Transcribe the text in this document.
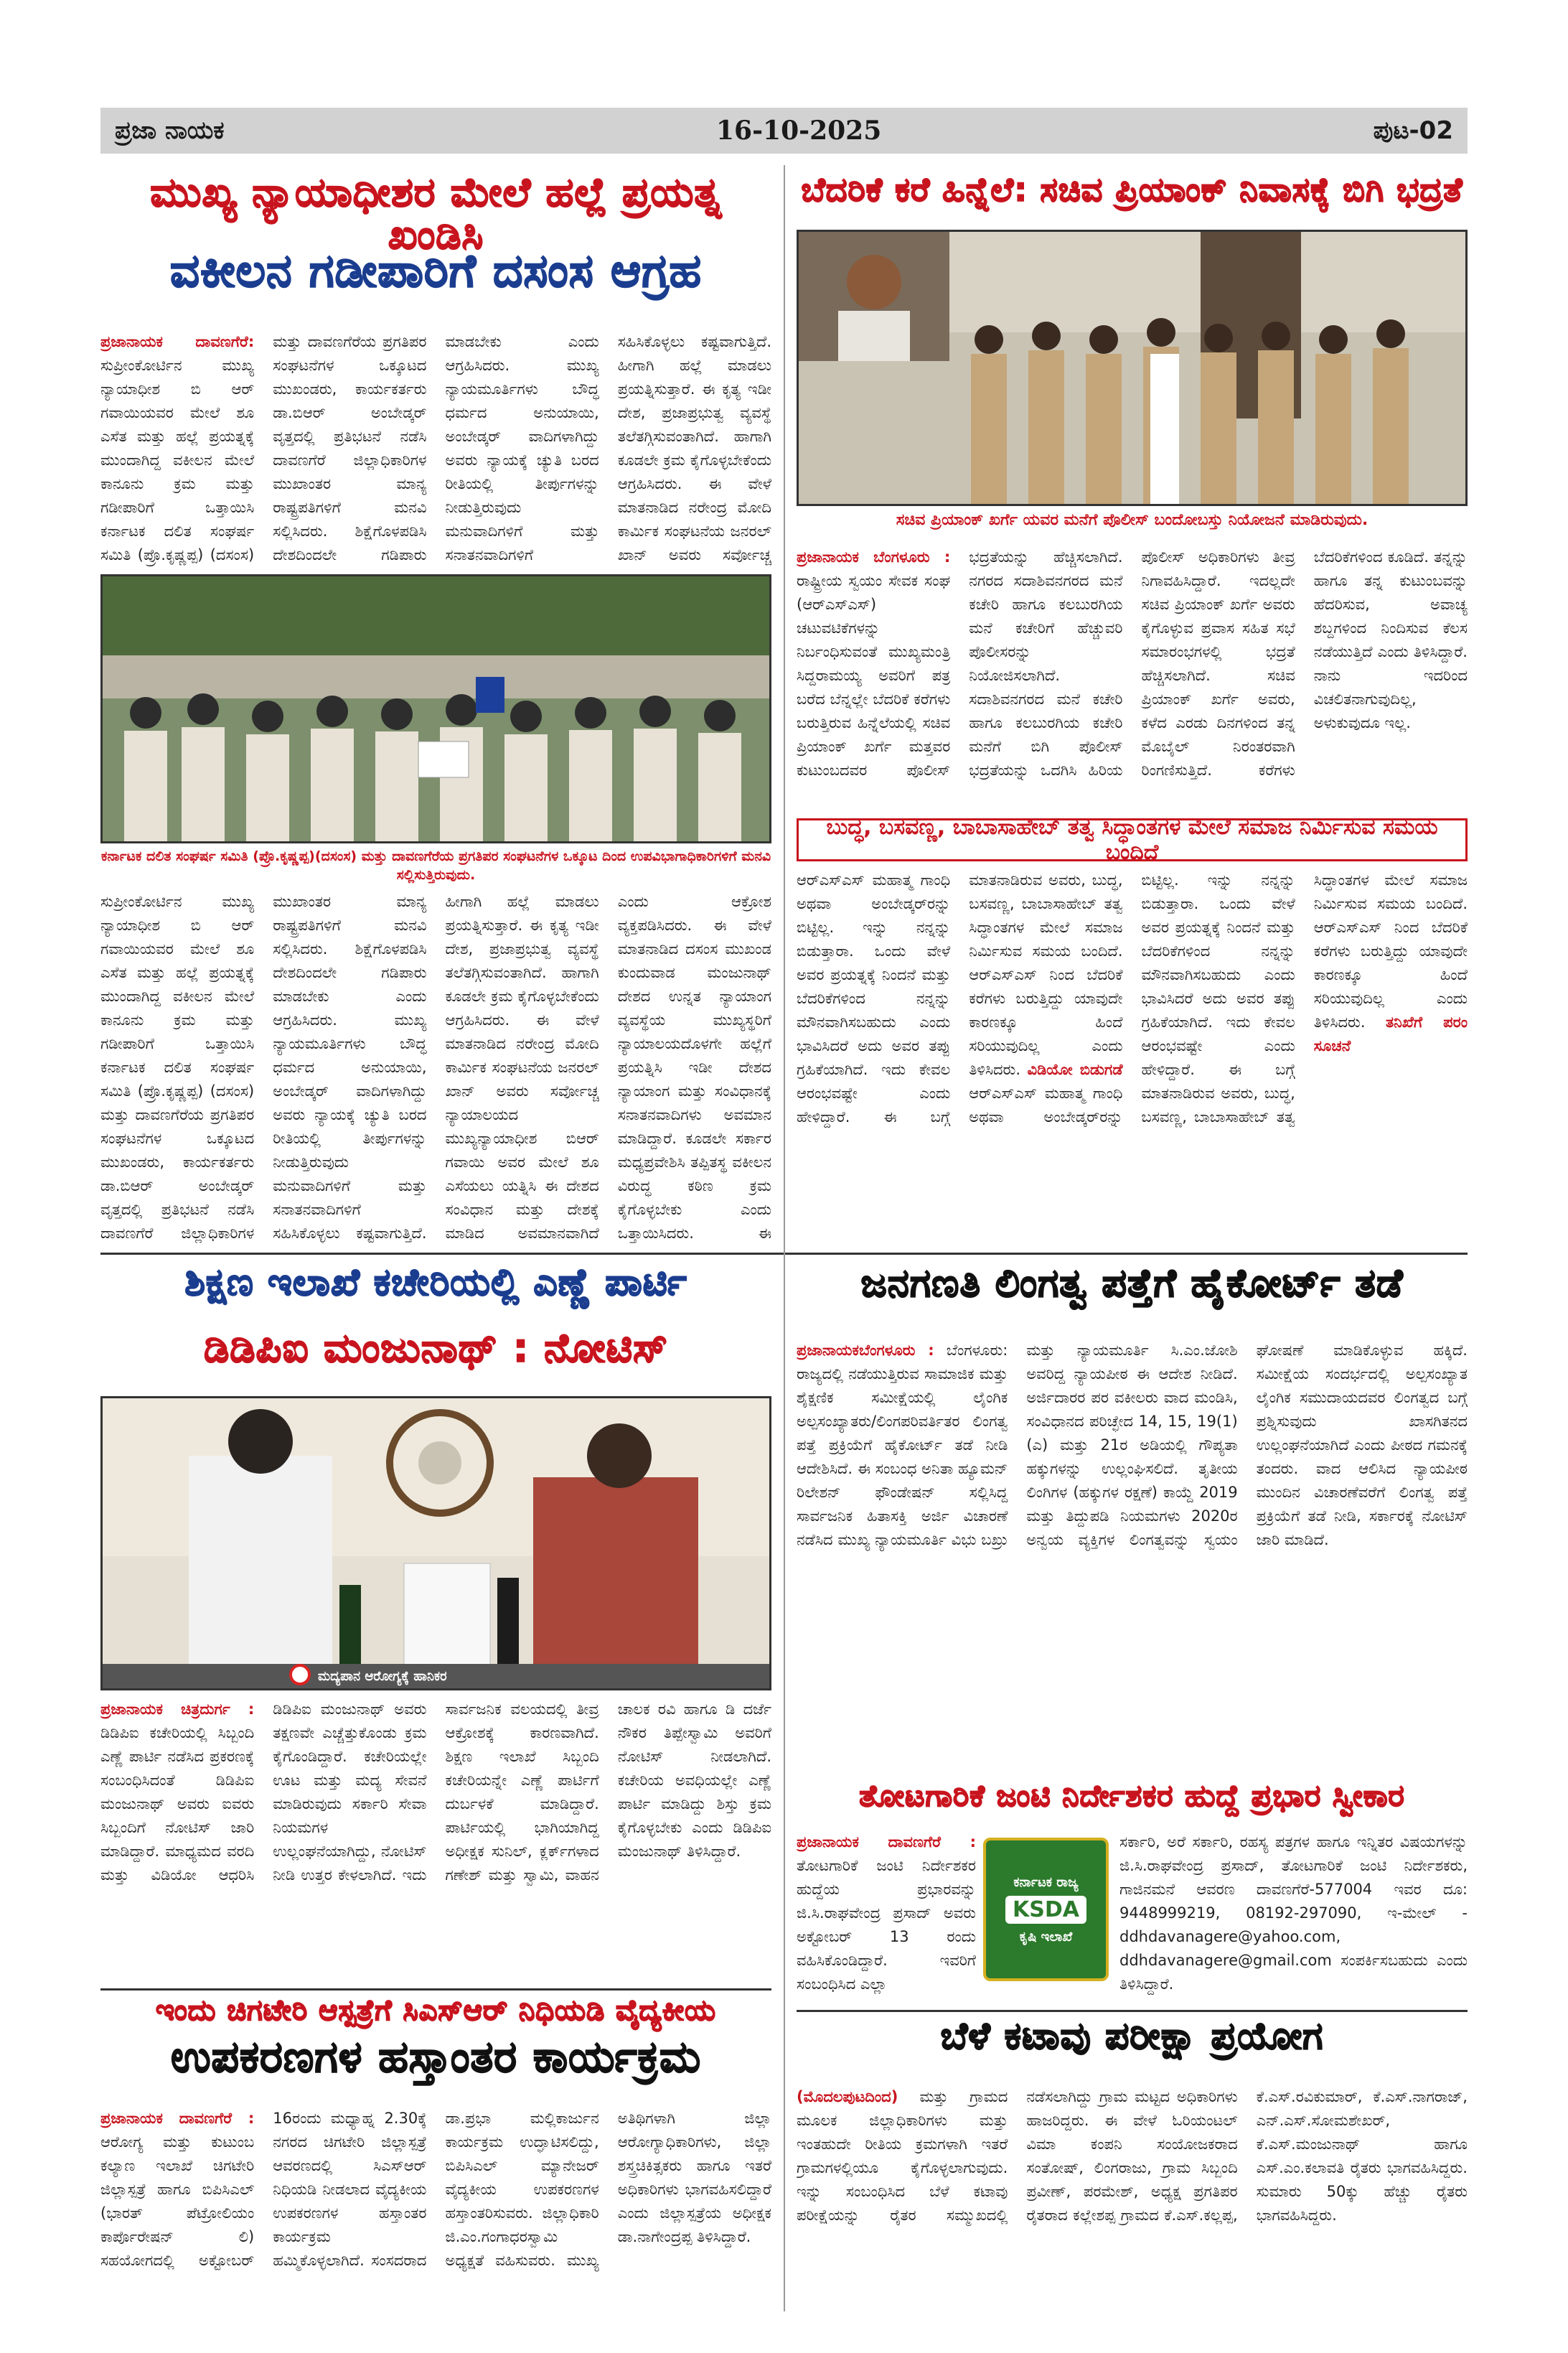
ಪ್ರಜಾ ನಾಯಕ	16-10-2025	ಪುಟ-02
ಮುಖ್ಯ ನ್ಯಾಯಾಧೀಶರ ಮೇಲೆ ಹಲ್ಲೆ ಪ್ರಯತ್ನ ಖಂಡಿಸಿ
ವಕೀಲನ ಗಡೀಪಾರಿಗೆ ದಸಂಸ ಆಗ್ರಹ
ಪ್ರಜಾನಾಯಕ ದಾವಣಗೆರೆ: ಸುಪ್ರೀಂಕೋರ್ಟಿನ ಮುಖ್ಯ ನ್ಯಾಯಾಧೀಶ ಬಿ ಆರ್ ಗವಾಯಿಯವರ ಮೇಲೆ ಶೂ ಎಸೆತ ಮತ್ತು ಹಲ್ಲೆ ಪ್ರಯತ್ನಕ್ಕೆ ಮುಂದಾಗಿದ್ದ ವಕೀಲನ ಮೇಲೆ ಕಾನೂನು ಕ್ರಮ ಮತ್ತು ಗಡೀಪಾರಿಗೆ ಒತ್ತಾಯಿಸಿ ಕರ್ನಾಟಕ ದಲಿತ ಸಂಘರ್ಷ ಸಮಿತಿ (ಪ್ರೊ.ಕೃಷ್ಣಪ್ಪ) (ದಸಂಸ) ಮತ್ತು ದಾವಣಗೆರೆಯ ಪ್ರಗತಿಪರ ಸಂಘಟನೆಗಳ ಒಕ್ಕೂಟದ ಮುಖಂಡರು, ಕಾರ್ಯಕರ್ತರು ಡಾ.ಬಿಆರ್ ಅಂಬೇಡ್ಕರ್ ವೃತ್ತದಲ್ಲಿ ಪ್ರತಿಭಟನೆ ನಡೆಸಿ ದಾವಣಗೆರೆ ಜಿಲ್ಲಾಧಿಕಾರಿಗಳ ಮುಖಾಂತರ ಮಾನ್ಯ ರಾಷ್ಟ್ರಪತಿಗಳಿಗೆ ಮನವಿ ಸಲ್ಲಿಸಿದರು. ಶಿಕ್ಷೆಗೊಳಪಡಿಸಿ ದೇಶದಿಂದಲೇ ಗಡಿಪಾರು ಮಾಡಬೇಕು ಎಂದು ಆಗ್ರಹಿಸಿದರು. ಮುಖ್ಯ ನ್ಯಾಯಮೂರ್ತಿಗಳು ಬೌದ್ಧ ಧರ್ಮದ ಅನುಯಾಯಿ, ಅಂಬೇಡ್ಕರ್ ವಾದಿಗಳಾಗಿದ್ದು ಅವರು ನ್ಯಾಯಕ್ಕೆ ಚ್ಯುತಿ ಬರದ ರೀತಿಯಲ್ಲಿ ತೀರ್ಪುಗಳನ್ನು ನೀಡುತ್ತಿರುವುದು ಮನುವಾದಿಗಳಿಗೆ ಮತ್ತು ಸನಾತನವಾದಿಗಳಿಗೆ ಸಹಿಸಿಕೊಳ್ಳಲು ಕಷ್ಟವಾಗುತ್ತಿದೆ. ಹೀಗಾಗಿ ಹಲ್ಲೆ ಮಾಡಲು ಪ್ರಯತ್ನಿಸುತ್ತಾರೆ. ಈ ಕೃತ್ಯ ಇಡೀ ದೇಶ, ಪ್ರಜಾಪ್ರಭುತ್ವ ವ್ಯವಸ್ಥೆ ತಲೆತಗ್ಗಿಸುವಂತಾಗಿದೆ. ಹಾಗಾಗಿ ಕೂಡಲೇ ಕ್ರಮ ಕೈಗೊಳ್ಳಬೇಕೆಂದು ಆಗ್ರಹಿಸಿದರು. ಈ ವೇಳೆ ಮಾತನಾಡಿದ ನರೇಂದ್ರ ಮೋದಿ ಕಾರ್ಮಿಕ ಸಂಘಟನೆಯ ಜನರಲ್ ಖಾನ್ ಅವರು ಸರ್ವೋಚ್ಚ
ಕರ್ನಾಟಕ ದಲಿತ ಸಂಘರ್ಷ ಸಮಿತಿ (ಪ್ರೊ.ಕೃಷ್ಣಪ್ಪ)(ದಸಂಸ) ಮತ್ತು ದಾವಣಗೆರೆಯ ಪ್ರಗತಿಪರ ಸಂಘಟನೆಗಳ ಒಕ್ಕೂಟ ದಿಂದ ಉಪವಿಭಾಗಾಧಿಕಾರಿಗಳಿಗೆ ಮನವಿ ಸಲ್ಲಿಸುತ್ತಿರುವುದು.
ಸುಪ್ರೀಂಕೋರ್ಟಿನ ಮುಖ್ಯ ನ್ಯಾಯಾಧೀಶ ಬಿ ಆರ್ ಗವಾಯಿಯವರ ಮೇಲೆ ಶೂ ಎಸೆತ ಮತ್ತು ಹಲ್ಲೆ ಪ್ರಯತ್ನಕ್ಕೆ ಮುಂದಾಗಿದ್ದ ವಕೀಲನ ಮೇಲೆ ಕಾನೂನು ಕ್ರಮ ಮತ್ತು ಗಡೀಪಾರಿಗೆ ಒತ್ತಾಯಿಸಿ ಕರ್ನಾಟಕ ದಲಿತ ಸಂಘರ್ಷ ಸಮಿತಿ (ಪ್ರೊ.ಕೃಷ್ಣಪ್ಪ) (ದಸಂಸ) ಮತ್ತು ದಾವಣಗೆರೆಯ ಪ್ರಗತಿಪರ ಸಂಘಟನೆಗಳ ಒಕ್ಕೂಟದ ಮುಖಂಡರು, ಕಾರ್ಯಕರ್ತರು ಡಾ.ಬಿಆರ್ ಅಂಬೇಡ್ಕರ್ ವೃತ್ತದಲ್ಲಿ ಪ್ರತಿಭಟನೆ ನಡೆಸಿ ದಾವಣಗೆರೆ ಜಿಲ್ಲಾಧಿಕಾರಿಗಳ ಮುಖಾಂತರ ಮಾನ್ಯ ರಾಷ್ಟ್ರಪತಿಗಳಿಗೆ ಮನವಿ ಸಲ್ಲಿಸಿದರು. ಶಿಕ್ಷೆಗೊಳಪಡಿಸಿ ದೇಶದಿಂದಲೇ ಗಡಿಪಾರು ಮಾಡಬೇಕು ಎಂದು ಆಗ್ರಹಿಸಿದರು. ಮುಖ್ಯ ನ್ಯಾಯಮೂರ್ತಿಗಳು ಬೌದ್ಧ ಧರ್ಮದ ಅನುಯಾಯಿ, ಅಂಬೇಡ್ಕರ್ ವಾದಿಗಳಾಗಿದ್ದು ಅವರು ನ್ಯಾಯಕ್ಕೆ ಚ್ಯುತಿ ಬರದ ರೀತಿಯಲ್ಲಿ ತೀರ್ಪುಗಳನ್ನು ನೀಡುತ್ತಿರುವುದು ಮನುವಾದಿಗಳಿಗೆ ಮತ್ತು ಸನಾತನವಾದಿಗಳಿಗೆ ಸಹಿಸಿಕೊಳ್ಳಲು ಕಷ್ಟವಾಗುತ್ತಿದೆ. ಹೀಗಾಗಿ ಹಲ್ಲೆ ಮಾಡಲು ಪ್ರಯತ್ನಿಸುತ್ತಾರೆ. ಈ ಕೃತ್ಯ ಇಡೀ ದೇಶ, ಪ್ರಜಾಪ್ರಭುತ್ವ ವ್ಯವಸ್ಥೆ ತಲೆತಗ್ಗಿಸುವಂತಾಗಿದೆ. ಹಾಗಾಗಿ ಕೂಡಲೇ ಕ್ರಮ ಕೈಗೊಳ್ಳಬೇಕೆಂದು ಆಗ್ರಹಿಸಿದರು. ಈ ವೇಳೆ ಮಾತನಾಡಿದ ನರೇಂದ್ರ ಮೋದಿ ಕಾರ್ಮಿಕ ಸಂಘಟನೆಯ ಜನರಲ್ ಖಾನ್ ಅವರು ಸರ್ವೋಚ್ಚ ನ್ಯಾಯಾಲಯದ ಮುಖ್ಯನ್ಯಾಯಾಧೀಶ ಬಿಆರ್ ಗವಾಯಿ ಅವರ ಮೇಲೆ ಶೂ ಎಸೆಯಲು ಯತ್ನಿಸಿ ಈ ದೇಶದ ಸಂವಿಧಾನ ಮತ್ತು ದೇಶಕ್ಕೆ ಮಾಡಿದ ಅವಮಾನವಾಗಿದೆ ಎಂದು ಆಕ್ರೋಶ ವ್ಯಕ್ತಪಡಿಸಿದರು. ಈ ವೇಳೆ ಮಾತನಾಡಿದ ದಸಂಸ ಮುಖಂಡ ಕುಂದುವಾಡ ಮಂಜುನಾಥ್ ದೇಶದ ಉನ್ನತ ನ್ಯಾಯಾಂಗ ವ್ಯವಸ್ಥೆಯ ಮುಖ್ಯಸ್ಥರಿಗೆ ನ್ಯಾಯಾಲಯದೊಳಗೇ ಹಲ್ಲೆಗೆ ಪ್ರಯತ್ನಿಸಿ ಇಡೀ ದೇಶದ ನ್ಯಾಯಾಂಗ ಮತ್ತು ಸಂವಿಧಾನಕ್ಕೆ ಸನಾತನವಾದಿಗಳು ಅವಮಾನ ಮಾಡಿದ್ದಾರೆ. ಕೂಡಲೇ ಸರ್ಕಾರ ಮಧ್ಯಪ್ರವೇಶಿಸಿ ತಪ್ಪಿತಸ್ಥ ವಕೀಲನ ವಿರುದ್ಧ ಕಠಿಣ ಕ್ರಮ ಕೈಗೊಳ್ಳಬೇಕು ಎಂದು ಒತ್ತಾಯಿಸಿದರು. ಈ
ಬೆದರಿಕೆ ಕರೆ ಹಿನ್ನೆಲೆ: ಸಚಿವ ಪ್ರಿಯಾಂಕ್ ನಿವಾಸಕ್ಕೆ ಬಿಗಿ ಭದ್ರತೆ
ಸಚಿವ ಪ್ರಿಯಾಂಕ್ ಖರ್ಗೆ ಯವರ ಮನೆಗೆ ಪೊಲೀಸ್ ಬಂದೋಬಸ್ತು ನಿಯೋಜನೆ ಮಾಡಿರುವುದು.
ಪ್ರಜಾನಾಯಕ ಬೆಂಗಳೂರು : ರಾಷ್ಟ್ರೀಯ ಸ್ವಯಂ ಸೇವಕ ಸಂಘ (ಆರ್‌ಎಸ್‌ಎಸ್) ಚಟುವಟಿಕೆಗಳನ್ನು ನಿರ್ಬಂಧಿಸುವಂತೆ ಮುಖ್ಯಮಂತ್ರಿ ಸಿದ್ದರಾಮಯ್ಯ ಅವರಿಗೆ ಪತ್ರ ಬರೆದ ಬೆನ್ನಲ್ಲೇ ಬೆದರಿಕೆ ಕರೆಗಳು ಬರುತ್ತಿರುವ ಹಿನ್ನೆಲೆಯಲ್ಲಿ ಸಚಿವ ಪ್ರಿಯಾಂಕ್ ಖರ್ಗೆ ಮತ್ತವರ ಕುಟುಂಬದವರ ಪೊಲೀಸ್ ಭದ್ರತೆಯನ್ನು ಹೆಚ್ಚಿಸಲಾಗಿದೆ. ನಗರದ ಸದಾಶಿವನಗರದ ಮನೆ ಕಚೇರಿ ಹಾಗೂ ಕಲಬುರಗಿಯ ಮನೆ ಕಚೇರಿಗೆ ಹೆಚ್ಚುವರಿ ಪೊಲೀಸರನ್ನು ನಿಯೋಜಿಸಲಾಗಿದೆ. ಸದಾಶಿವನಗರದ ಮನೆ ಕಚೇರಿ ಹಾಗೂ ಕಲಬುರಗಿಯ ಕಚೇರಿ ಮನೆಗೆ ಬಿಗಿ ಪೊಲೀಸ್ ಭದ್ರತೆಯನ್ನು ಒದಗಿಸಿ ಹಿರಿಯ ಪೊಲೀಸ್ ಅಧಿಕಾರಿಗಳು ತೀವ್ರ ನಿಗಾವಹಿಸಿದ್ದಾರೆ. ಇದಲ್ಲದೇ ಸಚಿವ ಪ್ರಿಯಾಂಕ್ ಖರ್ಗೆ ಅವರು ಕೈಗೊಳ್ಳುವ ಪ್ರವಾಸ ಸಹಿತ ಸಭೆ ಸಮಾರಂಭಗಳಲ್ಲಿ ಭದ್ರತೆ ಹೆಚ್ಚಿಸಲಾಗಿದೆ. ಸಚಿವ ಪ್ರಿಯಾಂಕ್ ಖರ್ಗೆ ಅವರು, ಕಳೆದ ಎರಡು ದಿನಗಳಿಂದ ತನ್ನ ಮೊಬೈಲ್ ನಿರಂತರವಾಗಿ ರಿಂಗಣಿಸುತ್ತಿದೆ. ಕರೆಗಳು ಬೆದರಿಕೆಗಳಿಂದ ಕೂಡಿದೆ. ತನ್ನನ್ನು ಹಾಗೂ ತನ್ನ ಕುಟುಂಬವನ್ನು ಹೆದರಿಸುವ, ಅವಾಚ್ಯ ಶಬ್ದಗಳಿಂದ ನಿಂದಿಸುವ ಕೆಲಸ ನಡೆಯುತ್ತಿದೆ ಎಂದು ತಿಳಿಸಿದ್ದಾರೆ. ನಾನು ಇದರಿಂದ ವಿಚಲಿತನಾಗುವುದಿಲ್ಲ, ಅಳುಕುವುದೂ ಇಲ್ಲ.
ಬುದ್ಧ, ಬಸವಣ್ಣ, ಬಾಬಾಸಾಹೇಬ್ ತತ್ವ ಸಿದ್ಧಾಂತಗಳ ಮೇಲೆ ಸಮಾಜ ನಿರ್ಮಿಸುವ ಸಮಯ ಬಂದಿದೆ
ಆರ್‌ಎಸ್‌ಎಸ್ ಮಹಾತ್ಮ ಗಾಂಧಿ ಅಥವಾ ಅಂಬೇಡ್ಕರ್‌ರನ್ನು ಬಿಟ್ಟಿಲ್ಲ. ಇನ್ನು ನನ್ನನ್ನು ಬಿಡುತ್ತಾರಾ. ಒಂದು ವೇಳೆ ಅವರ ಪ್ರಯತ್ನಕ್ಕೆ ನಿಂದನೆ ಮತ್ತು ಬೆದರಿಕೆಗಳಿಂದ ನನ್ನನ್ನು ಮೌನವಾಗಿಸಬಹುದು ಎಂದು ಭಾವಿಸಿದರೆ ಅದು ಅವರ ತಪ್ಪು ಗ್ರಹಿಕೆಯಾಗಿದೆ. ಇದು ಕೇವಲ ಆರಂಭವಷ್ಟೇ ಎಂದು ಹೇಳಿದ್ದಾರೆ. ಈ ಬಗ್ಗೆ ಮಾತನಾಡಿರುವ ಅವರು, ಬುದ್ಧ, ಬಸವಣ್ಣ, ಬಾಬಾಸಾಹೇಬ್ ತತ್ವ ಸಿದ್ಧಾಂತಗಳ ಮೇಲೆ ಸಮಾಜ ನಿರ್ಮಿಸುವ ಸಮಯ ಬಂದಿದೆ. ಆರ್‌ಎಸ್‌ಎಸ್ ನಿಂದ ಬೆದರಿಕೆ ಕರೆಗಳು ಬರುತ್ತಿದ್ದು ಯಾವುದೇ ಕಾರಣಕ್ಕೂ ಹಿಂದೆ ಸರಿಯುವುದಿಲ್ಲ ಎಂದು ತಿಳಿಸಿದರು. ವಿಡಿಯೋ ಬಿಡುಗಡೆ ಆರ್‌ಎಸ್‌ಎಸ್ ಮಹಾತ್ಮ ಗಾಂಧಿ ಅಥವಾ ಅಂಬೇಡ್ಕರ್‌ರನ್ನು ಬಿಟ್ಟಿಲ್ಲ. ಇನ್ನು ನನ್ನನ್ನು ಬಿಡುತ್ತಾರಾ. ಒಂದು ವೇಳೆ ಅವರ ಪ್ರಯತ್ನಕ್ಕೆ ನಿಂದನೆ ಮತ್ತು ಬೆದರಿಕೆಗಳಿಂದ ನನ್ನನ್ನು ಮೌನವಾಗಿಸಬಹುದು ಎಂದು ಭಾವಿಸಿದರೆ ಅದು ಅವರ ತಪ್ಪು ಗ್ರಹಿಕೆಯಾಗಿದೆ. ಇದು ಕೇವಲ ಆರಂಭವಷ್ಟೇ ಎಂದು ಹೇಳಿದ್ದಾರೆ. ಈ ಬಗ್ಗೆ ಮಾತನಾಡಿರುವ ಅವರು, ಬುದ್ಧ, ಬಸವಣ್ಣ, ಬಾಬಾಸಾಹೇಬ್ ತತ್ವ ಸಿದ್ಧಾಂತಗಳ ಮೇಲೆ ಸಮಾಜ ನಿರ್ಮಿಸುವ ಸಮಯ ಬಂದಿದೆ. ಆರ್‌ಎಸ್‌ಎಸ್ ನಿಂದ ಬೆದರಿಕೆ ಕರೆಗಳು ಬರುತ್ತಿದ್ದು ಯಾವುದೇ ಕಾರಣಕ್ಕೂ ಹಿಂದೆ ಸರಿಯುವುದಿಲ್ಲ ಎಂದು ತಿಳಿಸಿದರು. ತನಿಖೆಗೆ ಪರಂ ಸೂಚನೆ
ಶಿಕ್ಷಣ ಇಲಾಖೆ ಕಚೇರಿಯಲ್ಲಿ ಎಣ್ಣೆ ಪಾರ್ಟಿ
ಡಿಡಿಪಿಐ ಮಂಜುನಾಥ್ : ನೋಟಿಸ್
ಮದ್ಯಪಾನ ಆರೋಗ್ಯಕ್ಕೆ ಹಾನಿಕರ
ಪ್ರಜಾನಾಯಕ ಚಿತ್ರದುರ್ಗ : ಡಿಡಿಪಿಐ ಕಚೇರಿಯಲ್ಲಿ ಸಿಬ್ಬಂದಿ ಎಣ್ಣೆ ಪಾರ್ಟಿ ನಡೆಸಿದ ಪ್ರಕರಣಕ್ಕೆ ಸಂಬಂಧಿಸಿದಂತೆ ಡಿಡಿಪಿಐ ಮಂಜುನಾಥ್ ಅವರು ಐವರು ಸಿಬ್ಬಂದಿಗೆ ನೋಟಿಸ್ ಜಾರಿ ಮಾಡಿದ್ದಾರೆ. ಮಾಧ್ಯಮದ ವರದಿ ಮತ್ತು ವಿಡಿಯೋ ಆಧರಿಸಿ ಡಿಡಿಪಿಐ ಮಂಜುನಾಥ್ ಅವರು ತಕ್ಷಣವೇ ಎಚ್ಚೆತ್ತುಕೊಂಡು ಕ್ರಮ ಕೈಗೊಂಡಿದ್ದಾರೆ. ಕಚೇರಿಯಲ್ಲೇ ಊಟ ಮತ್ತು ಮದ್ಯ ಸೇವನೆ ಮಾಡಿರುವುದು ಸರ್ಕಾರಿ ಸೇವಾ ನಿಯಮಗಳ ಉಲ್ಲಂಘನೆಯಾಗಿದ್ದು, ನೋಟಿಸ್ ನೀಡಿ ಉತ್ತರ ಕೇಳಲಾಗಿದೆ. ಇದು ಸಾರ್ವಜನಿಕ ವಲಯದಲ್ಲಿ ತೀವ್ರ ಆಕ್ರೋಶಕ್ಕೆ ಕಾರಣವಾಗಿದೆ. ಶಿಕ್ಷಣ ಇಲಾಖೆ ಸಿಬ್ಬಂದಿ ಕಚೇರಿಯನ್ನೇ ಎಣ್ಣೆ ಪಾರ್ಟಿಗೆ ದುರ್ಬಳಕೆ ಮಾಡಿದ್ದಾರೆ. ಪಾರ್ಟಿಯಲ್ಲಿ ಭಾಗಿಯಾಗಿದ್ದ ಅಧೀಕ್ಷಕ ಸುನಿಲ್, ಕ್ಲರ್ಕ್‌ಗಳಾದ ಗಣೇಶ್ ಮತ್ತು ಸ್ವಾಮಿ, ವಾಹನ ಚಾಲಕ ರವಿ ಹಾಗೂ ಡಿ ದರ್ಜೆ ನೌಕರ ತಿಪ್ಪೇಸ್ವಾಮಿ ಅವರಿಗೆ ನೋಟಿಸ್ ನೀಡಲಾಗಿದೆ. ಕಚೇರಿಯ ಅವಧಿಯಲ್ಲೇ ಎಣ್ಣೆ ಪಾರ್ಟಿ ಮಾಡಿದ್ದು ಶಿಸ್ತು ಕ್ರಮ ಕೈಗೊಳ್ಳಬೇಕು ಎಂದು ಡಿಡಿಪಿಐ ಮಂಜುನಾಥ್ ತಿಳಿಸಿದ್ದಾರೆ.
ಇಂದು ಚಿಗಟೇರಿ ಆಸ್ಪತ್ರೆಗೆ ಸಿಎಸ್‌ಆರ್ ನಿಧಿಯಡಿ ವೈದ್ಯಕೀಯ
ಉಪಕರಣಗಳ ಹಸ್ತಾಂತರ ಕಾರ್ಯಕ್ರಮ
ಪ್ರಜಾನಾಯಕ ದಾವಣಗೆರೆ : ಆರೋಗ್ಯ ಮತ್ತು ಕುಟುಂಬ ಕಲ್ಯಾಣ ಇಲಾಖೆ ಚಿಗಟೇರಿ ಜಿಲ್ಲಾಸ್ಪತ್ರೆ ಹಾಗೂ ಬಿಪಿಸಿಎಲ್ (ಭಾರತ್ ಪೆಟ್ರೋಲಿಯಂ ಕಾರ್ಪೊರೇಷನ್ ಲಿ) ಸಹಯೋಗದಲ್ಲಿ ಅಕ್ಟೋಬರ್ 16ರಂದು ಮಧ್ಯಾಹ್ನ 2.30ಕ್ಕೆ ನಗರದ ಚಿಗಟೇರಿ ಜಿಲ್ಲಾಸ್ಪತ್ರೆ ಆವರಣದಲ್ಲಿ ಸಿಎಸ್‌ಆರ್ ನಿಧಿಯಡಿ ನೀಡಲಾದ ವೈದ್ಯಕೀಯ ಉಪಕರಣಗಳ ಹಸ್ತಾಂತರ ಕಾರ್ಯಕ್ರಮ ಹಮ್ಮಿಕೊಳ್ಳಲಾಗಿದೆ. ಸಂಸದರಾದ ಡಾ.ಪ್ರಭಾ ಮಲ್ಲಿಕಾರ್ಜುನ ಕಾರ್ಯಕ್ರಮ ಉದ್ಘಾಟಿಸಲಿದ್ದು, ಬಿಪಿಸಿಎಲ್ ಮ್ಯಾನೇಜರ್ ವೈದ್ಯಕೀಯ ಉಪಕರಣಗಳ ಹಸ್ತಾಂತರಿಸುವರು. ಜಿಲ್ಲಾಧಿಕಾರಿ ಜಿ.ಎಂ.ಗಂಗಾಧರಸ್ವಾಮಿ ಅಧ್ಯಕ್ಷತೆ ವಹಿಸುವರು. ಮುಖ್ಯ ಅತಿಥಿಗಳಾಗಿ ಜಿಲ್ಲಾ ಆರೋಗ್ಯಾಧಿಕಾರಿಗಳು, ಜಿಲ್ಲಾ ಶಸ್ತ್ರಚಿಕಿತ್ಸಕರು ಹಾಗೂ ಇತರೆ ಅಧಿಕಾರಿಗಳು ಭಾಗವಹಿಸಲಿದ್ದಾರೆ ಎಂದು ಜಿಲ್ಲಾಸ್ಪತ್ರೆಯ ಅಧೀಕ್ಷಕ ಡಾ.ನಾಗೇಂದ್ರಪ್ಪ ತಿಳಿಸಿದ್ದಾರೆ.
ಜನಗಣತಿ ಲಿಂಗತ್ವ ಪತ್ತೆಗೆ ಹೈಕೋರ್ಟ್ ತಡೆ
ಪ್ರಜಾನಾಯಕಬೆಂಗಳೂರು : ಬೆಂಗಳೂರು: ರಾಜ್ಯದಲ್ಲಿ ನಡೆಯುತ್ತಿರುವ ಸಾಮಾಜಿಕ ಮತ್ತು ಶೈಕ್ಷಣಿಕ ಸಮೀಕ್ಷೆಯಲ್ಲಿ ಲೈಂಗಿಕ ಅಲ್ಪಸಂಖ್ಯಾತರು/ಲಿಂಗಪರಿವರ್ತಿತರ ಲಿಂಗತ್ವ ಪತ್ತೆ ಪ್ರಕ್ರಿಯೆಗೆ ಹೈಕೋರ್ಟ್ ತಡೆ ನೀಡಿ ಆದೇಶಿಸಿದೆ. ಈ ಸಂಬಂಧ ಅನಿತಾ ಹ್ಯೂಮನ್ ರಿಲೇಶನ್ ಫೌಂಡೇಷನ್ ಸಲ್ಲಿಸಿದ್ದ ಸಾರ್ವಜನಿಕ ಹಿತಾಸಕ್ತಿ ಅರ್ಜಿ ವಿಚಾರಣೆ ನಡೆಸಿದ ಮುಖ್ಯ ನ್ಯಾಯಮೂರ್ತಿ ವಿಭು ಬಖ್ರು ಮತ್ತು ನ್ಯಾಯಮೂರ್ತಿ ಸಿ.ಎಂ.ಜೋಶಿ ಅವರಿದ್ದ ನ್ಯಾಯಪೀಠ ಈ ಆದೇಶ ನೀಡಿದೆ. ಅರ್ಜಿದಾರರ ಪರ ವಕೀಲರು ವಾದ ಮಂಡಿಸಿ, ಸಂವಿಧಾನದ ಪರಿಚ್ಛೇದ 14, 15, 19(1)(ಎ) ಮತ್ತು 21ರ ಅಡಿಯಲ್ಲಿ ಗೌಪ್ಯತಾ ಹಕ್ಕುಗಳನ್ನು ಉಲ್ಲಂಘಿಸಲಿದೆ. ತೃತೀಯ ಲಿಂಗಿಗಳ (ಹಕ್ಕುಗಳ ರಕ್ಷಣೆ) ಕಾಯ್ದೆ 2019 ಮತ್ತು ತಿದ್ದುಪಡಿ ನಿಯಮಗಳು 2020ರ ಅನ್ವಯ ವ್ಯಕ್ತಿಗಳ ಲಿಂಗತ್ವವನ್ನು ಸ್ವಯಂ ಘೋಷಣೆ ಮಾಡಿಕೊಳ್ಳುವ ಹಕ್ಕಿದೆ. ಸಮೀಕ್ಷೆಯ ಸಂದರ್ಭದಲ್ಲಿ ಅಲ್ಪಸಂಖ್ಯಾತ ಲೈಂಗಿಕ ಸಮುದಾಯದವರ ಲಿಂಗತ್ವದ ಬಗ್ಗೆ ಪ್ರಶ್ನಿಸುವುದು ಖಾಸಗಿತನದ ಉಲ್ಲಂಘನೆಯಾಗಿದೆ ಎಂದು ಪೀಠದ ಗಮನಕ್ಕೆ ತಂದರು. ವಾದ ಆಲಿಸಿದ ನ್ಯಾಯಪೀಠ ಮುಂದಿನ ವಿಚಾರಣೆವರೆಗೆ ಲಿಂಗತ್ವ ಪತ್ತೆ ಪ್ರಕ್ರಿಯೆಗೆ ತಡೆ ನೀಡಿ, ಸರ್ಕಾರಕ್ಕೆ ನೋಟಿಸ್ ಜಾರಿ ಮಾಡಿದೆ.
ತೋಟಗಾರಿಕೆ ಜಂಟಿ ನಿರ್ದೇಶಕರ ಹುದ್ದೆ ಪ್ರಭಾರ ಸ್ವೀಕಾರ
ಪ್ರಜಾನಾಯಕ ದಾವಣಗೆರೆ : ತೋಟಗಾರಿಕೆ ಜಂಟಿ ನಿರ್ದೇಶಕರ ಹುದ್ದೆಯ ಪ್ರಭಾರವನ್ನು ಜಿ.ಸಿ.ರಾಘವೇಂದ್ರ ಪ್ರಸಾದ್ ಅವರು ಅಕ್ಟೋಬರ್ 13 ರಂದು ವಹಿಸಿಕೊಂಡಿದ್ದಾರೆ. ಇವರಿಗೆ ಸಂಬಂಧಿಸಿದ ಎಲ್ಲಾ
ಕರ್ನಾಟಕ ರಾಜ್ಯ
KSDA
ಕೃಷಿ ಇಲಾಖೆ
ಸರ್ಕಾರಿ, ಅರೆ ಸರ್ಕಾರಿ, ರಹಸ್ಯ ಪತ್ರಗಳ ಹಾಗೂ ಇನ್ನಿತರ ವಿಷಯಗಳನ್ನು ಜಿ.ಸಿ.ರಾಘವೇಂದ್ರ ಪ್ರಸಾದ್, ತೋಟಗಾರಿಕೆ ಜಂಟಿ ನಿರ್ದೇಶಕರು, ಗಾಜಿನಮನೆ ಆವರಣ ದಾವಣಗೆರೆ-577004 ಇವರ ದೂ: 9448999219, 08192-297090, ಇ-ಮೇಲ್ - ddhdavanagere@yahoo.com, ddhdavanagere@gmail.com ಸಂಪರ್ಕಿಸಬಹುದು ಎಂದು ತಿಳಿಸಿದ್ದಾರೆ.
ಬೆಳೆ ಕಟಾವು ಪರೀಕ್ಷಾ ಪ್ರಯೋಗ
(ಮೊದಲಪುಟದಿಂದ) ಮತ್ತು ಗ್ರಾಮದ ಮೂಲಕ ಜಿಲ್ಲಾಧಿಕಾರಿಗಳು ಮತ್ತು ಇಂತಹುದೇ ರೀತಿಯ ಕ್ರಮಗಳಾಗಿ ಇತರೆ ಗ್ರಾಮಗಳಲ್ಲಿಯೂ ಕೈಗೊಳ್ಳಲಾಗುವುದು. ಇನ್ನು ಸಂಬಂಧಿಸಿದ ಬೆಳೆ ಕಟಾವು ಪರೀಕ್ಷೆಯನ್ನು ರೈತರ ಸಮ್ಮುಖದಲ್ಲಿ ನಡೆಸಲಾಗಿದ್ದು ಗ್ರಾಮ ಮಟ್ಟದ ಅಧಿಕಾರಿಗಳು ಹಾಜರಿದ್ದರು. ಈ ವೇಳೆ ಓರಿಯಂಟಲ್ ವಿಮಾ ಕಂಪನಿ ಸಂಯೋಜಕರಾದ ಸಂತೋಷ್, ಲಿಂಗರಾಜು, ಗ್ರಾಮ ಸಿಬ್ಬಂದಿ ಪ್ರವೀಣ್, ಪರಮೇಶ್, ಅಧ್ಯಕ್ಷ ಪ್ರಗತಿಪರ ರೈತರಾದ ಕಲ್ಲೇಶಪ್ಪ ಗ್ರಾಮದ ಕೆ.ಎಸ್.ಕಲ್ಲಪ್ಪ, ಕೆ.ಎಸ್.ರವಿಕುಮಾರ್, ಕೆ.ಎಸ್.ನಾಗರಾಜ್, ಎನ್.ಎಸ್.ಸೋಮಶೇಖರ್, ಕೆ.ಎಸ್.ಮಂಜುನಾಥ್ ಹಾಗೂ ಎಸ್.ಎಂ.ಕಲಾವತಿ ರೈತರು ಭಾಗವಹಿಸಿದ್ದರು. ಸುಮಾರು 50ಕ್ಕು ಹೆಚ್ಚು ರೈತರು ಭಾಗವಹಿಸಿದ್ದರು.
